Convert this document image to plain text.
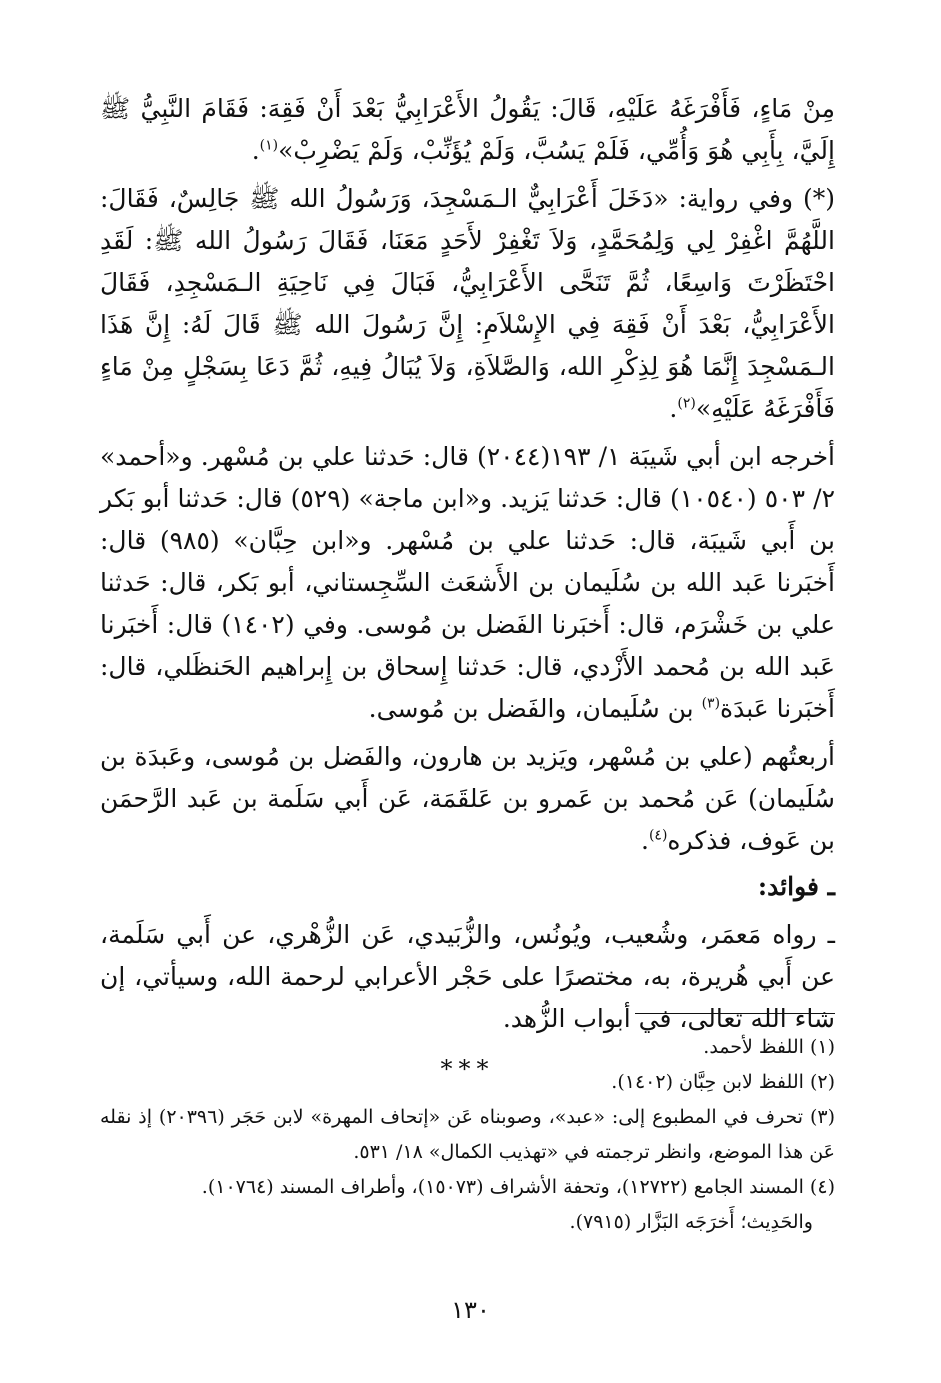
مِنْ مَاءٍ، فَأَفْرَغَهُ عَلَيْهِ، قَالَ: يَقُولُ الأَعْرَابِيُّ بَعْدَ أَنْ فَقِهَ: فَقَامَ النَّبِيُّ ﷺ إِلَيَّ، بِأَبِي هُوَ وَأُمِّي، فَلَمْ يَسُبَّ، وَلَمْ يُؤَنِّبْ، وَلَمْ يَضْرِبْ»$^{(١)}$.

(*) وفي رواية: «دَخَلَ أَعْرَابِيٌّ الـمَسْجِدَ، وَرَسُولُ الله ﷺ جَالِسٌ، فَقَالَ: اللَّهُمَّ اغْفِرْ لِي وَلِمُحَمَّدٍ، وَلاَ تَغْفِرْ لأَحَدٍ مَعَنَا، فَقَالَ رَسُولُ الله ﷺ: لَقَدِ احْتَظَرْتَ وَاسِعًا، ثُمَّ تَنَحَّى الأَعْرَابِيُّ، فَبَالَ فِي نَاحِيَةِ الـمَسْجِدِ، فَقَالَ الأَعْرَابِيُّ، بَعْدَ أَنْ فَقِهَ فِي الإِسْلاَمِ: إِنَّ رَسُولَ الله ﷺ قَالَ لَهُ: إِنَّ هَذَا الـمَسْجِدَ إِنَّمَا هُوَ لِذِكْرِ الله، وَالصَّلاَةِ، وَلاَ يُبَالُ فِيهِ، ثُمَّ دَعَا بِسَجْلٍ مِنْ مَاءٍ فَأَفْرَغَهُ عَلَيْهِ»$^{(٢)}$.

أخرجه ابن أبي شَيبَة ١/ ١٩٣(٢٠٤٤) قال: حَدثنا علي بن مُسْهر. و«أحمد» ٢/ ٥٠٣ (١٠٥٤٠) قال: حَدثنا يَزيد. و«ابن ماجة» (٥٢٩) قال: حَدثنا أبو بَكر بن أَبي شَيبَة، قال: حَدثنا علي بن مُسْهر. و«ابن حِبَّان» (٩٨٥) قال: أَخبَرنا عَبد الله بن سُلَيمان بن الأَشعَث السِّجِستاني، أبو بَكر، قال: حَدثنا علي بن خَشْرَم، قال: أَخبَرنا الفَضل بن مُوسى. وفي (١٤٠٢) قال: أَخبَرنا عَبد الله بن مُحمد الأَزْدي، قال: حَدثنا إِسحاق بن إِبراهيم الحَنظَلي، قال: أَخبَرنا عَبدَة$^{(٣)}$ بن سُلَيمان، والفَضل بن مُوسى.

أربعتُهم (علي بن مُسْهر، ويَزيد بن هارون، والفَضل بن مُوسى، وعَبدَة بن سُلَيمان) عَن مُحمد بن عَمرو بن عَلقَمَة، عَن أَبي سَلَمة بن عَبد الرَّحمَن بن عَوف، فذكره$^{(٤)}$.

ـ فوائد:

ـ رواه مَعمَر، وشُعيب، ويُونُس، والزُّبَيدي، عَن الزُّهْري، عن أَبي سَلَمة، عن أَبي هُريرة، به، مختصرًا على حَجْر الأعرابي لرحمة الله، وسيأتي، إن شاء الله تعالى، في أبواب الزُّهد.

***

(١) اللفظ لأحمد.

(٢) اللفظ لابن حِبَّان (١٤٠٢).

(٣) تحرف في المطبوع إلى: «عبد»، وصوبناه عَن «إتحاف المهرة» لابن حَجَر (٢٠٣٩٦) إذ نقله عَن هذا الموضع، وانظر ترجمته في «تهذيب الكمال» ١٨/ ٥٣١.

(٤) المسند الجامع (١٢٧٢٢)، وتحفة الأشراف (١٥٠٧٣)، وأطراف المسند (١٠٧٦٤).

والحَدِيث؛ أَخرَجَه البَزَّار (٧٩١٥).

١٣٠
